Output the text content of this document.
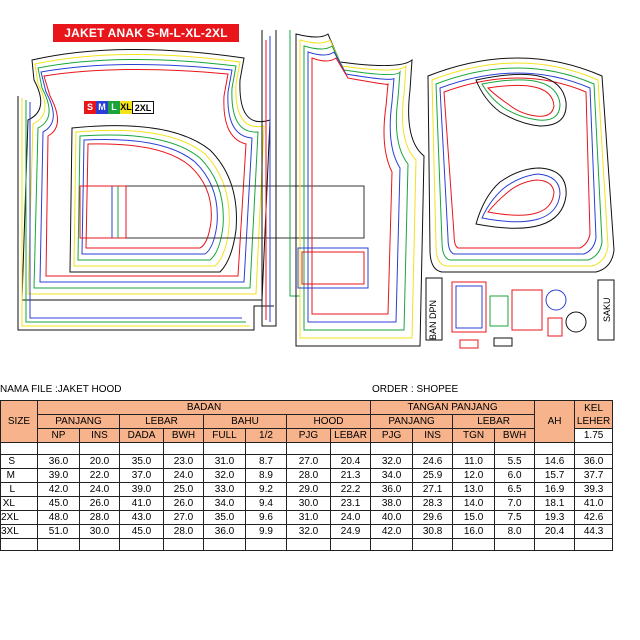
JAKET ANAK S-M-L-XL-2XL
S M L XL 2XL
BAN DPN	SAKU
NAMA FILE :JAKET HOOD	ORDER : SHOPEE
SIZE	BADAN								TANGAN PANJANG				AH	KEL LEHER
	PANJANG		LEBAR		BAHU		HOOD		PANJANG		LEBAR			
	NP	INS	DADA	BWH	FULL	1/2	PJG	LEBAR	PJG	INS	TGN	BWH		1.75

S	36.0	20.0	35.0	23.0	31.0	8.7	27.0	20.4	32.0	24.6	11.0	5.5	14.6	36.0
M	39.0	22.0	37.0	24.0	32.0	8.9	28.0	21.3	34.0	25.9	12.0	6.0	15.7	37.7
L	42.0	24.0	39.0	25.0	33.0	9.2	29.0	22.2	36.0	27.1	13.0	6.5	16.9	39.3
XL	45.0	26.0	41.0	26.0	34.0	9.4	30.0	23.1	38.0	28.3	14.0	7.0	18.1	41.0
2XL	48.0	28.0	43.0	27.0	35.0	9.6	31.0	24.0	40.0	29.6	15.0	7.5	19.3	42.6
3XL	51.0	30.0	45.0	28.0	36.0	9.9	32.0	24.9	42.0	30.8	16.0	8.0	20.4	44.3
